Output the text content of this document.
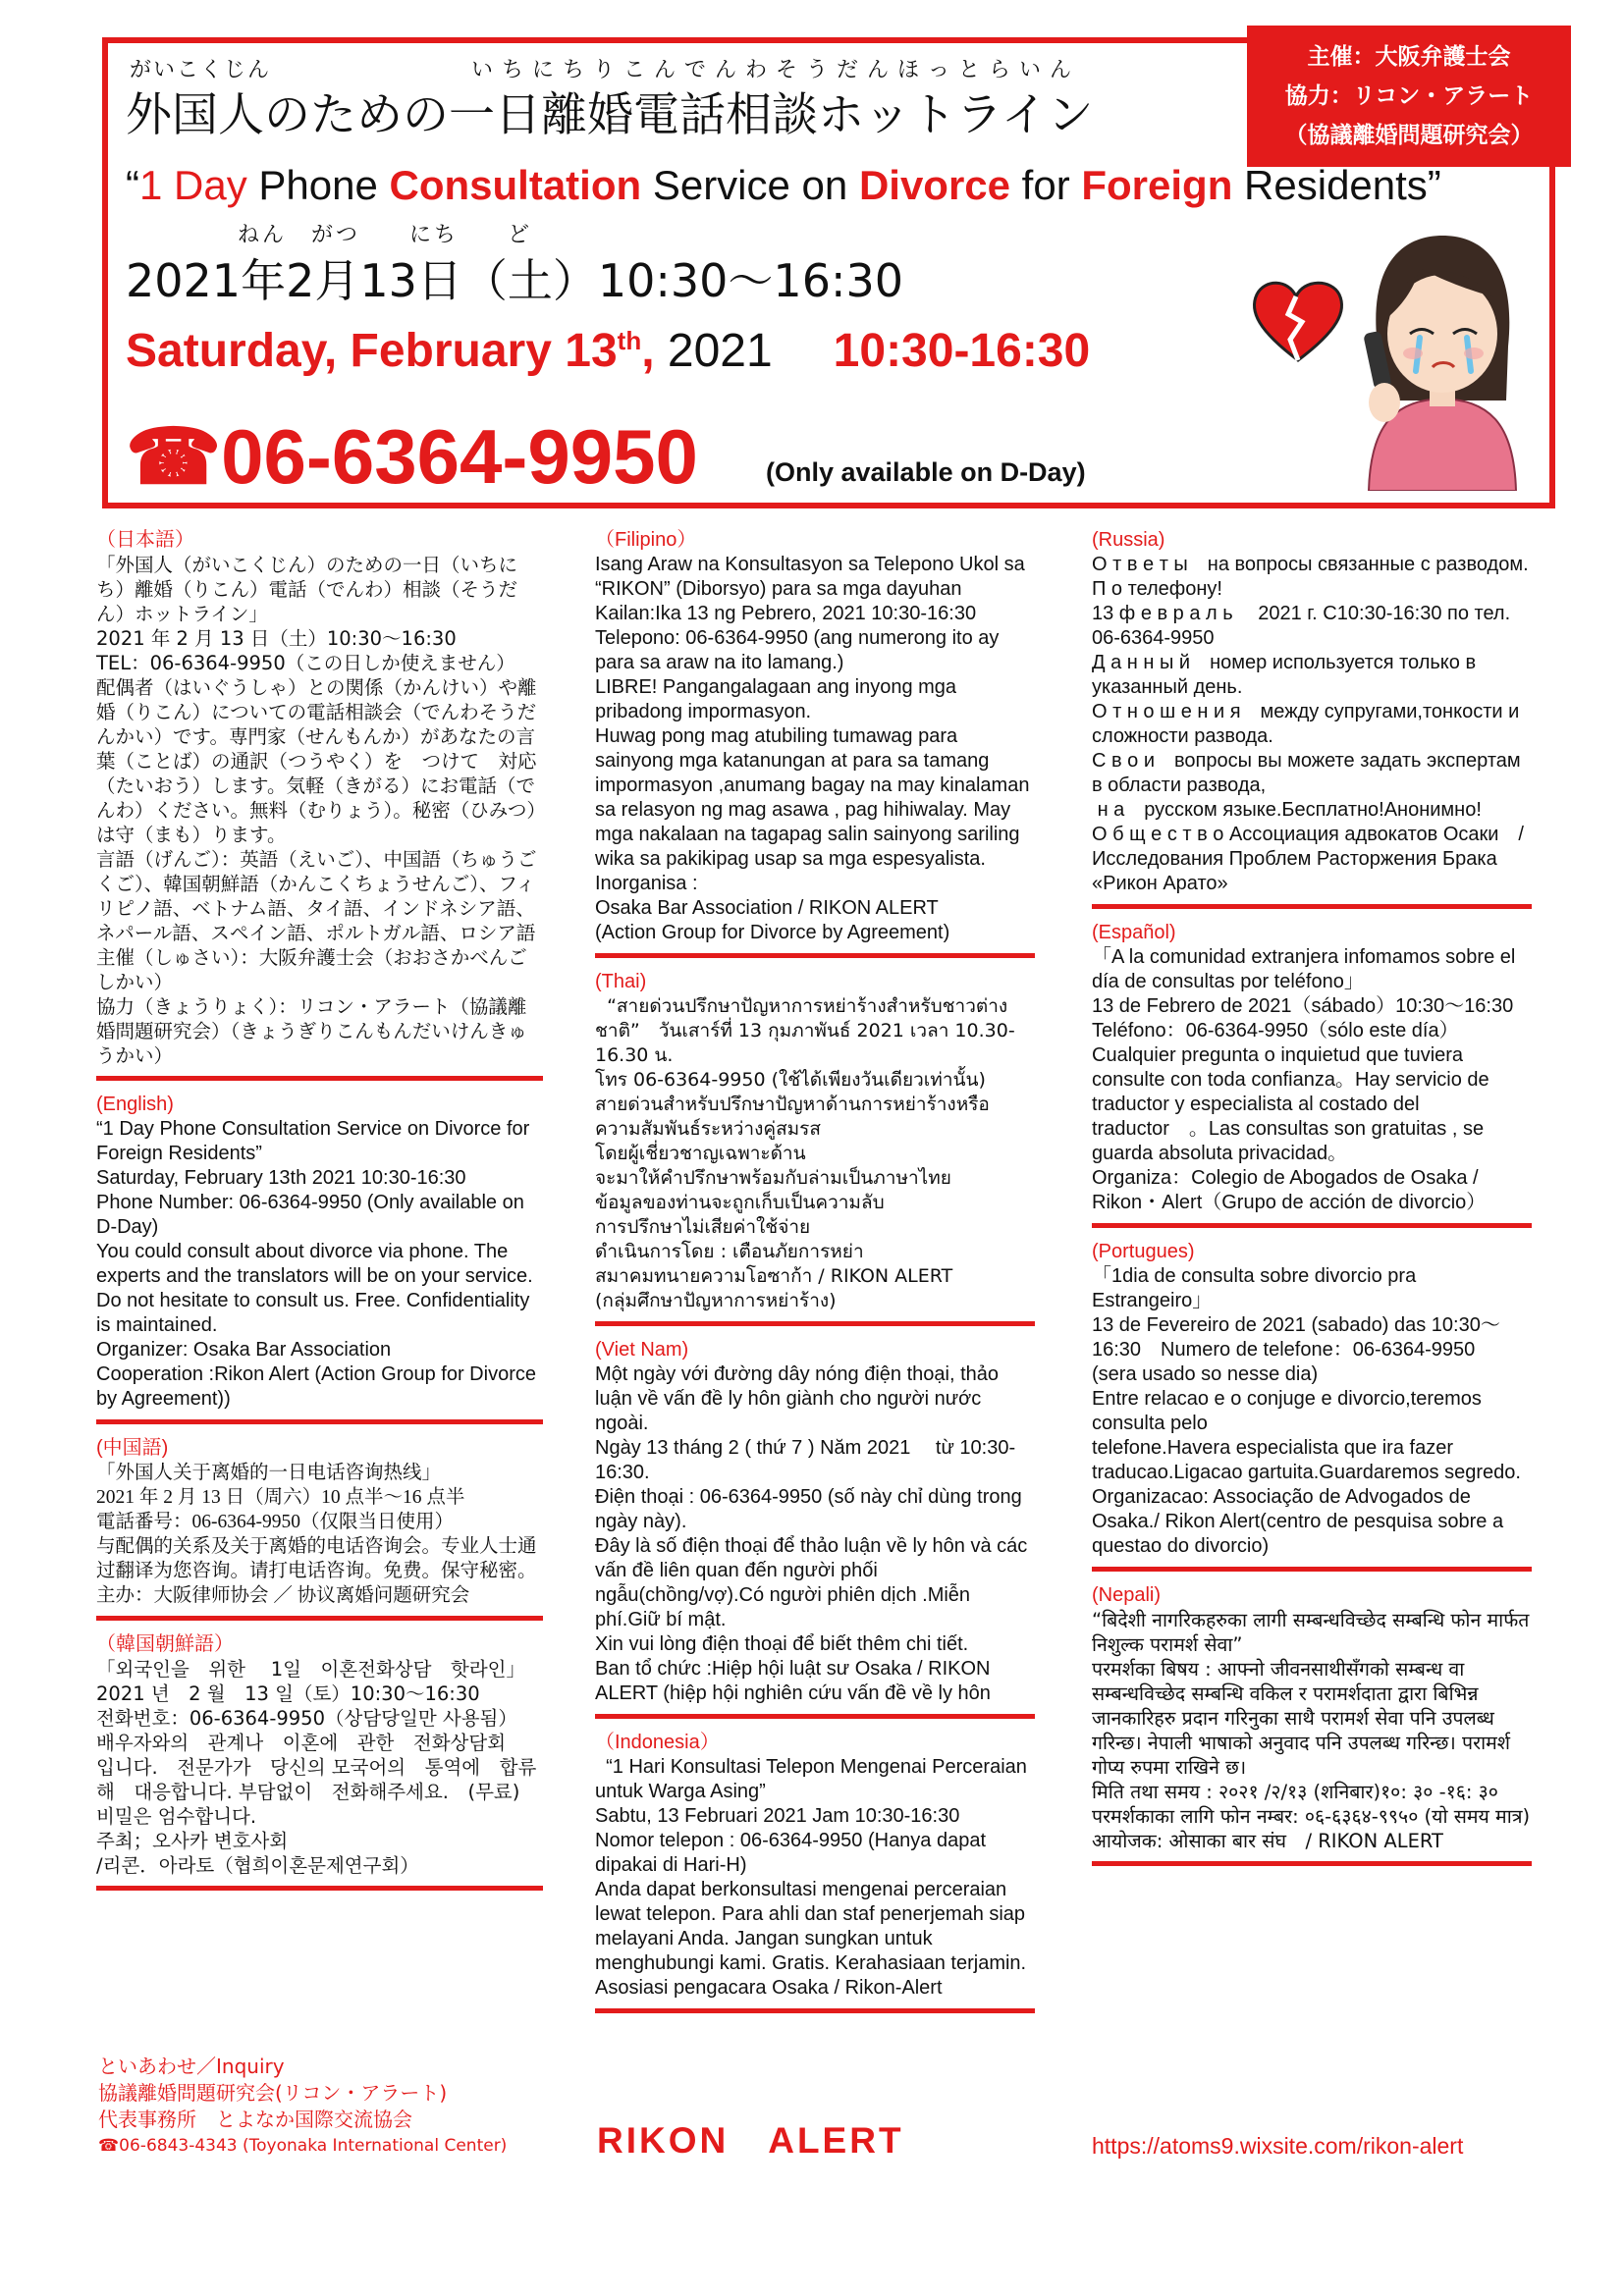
主催：大阪弁護士会
協力：リコン・アラート
（協議離婚問題研究会）
がいこくじん	いちにちりこんでんわそうだんほっとらいん
外国人のための一日離婚電話相談ホットライン
“1 Day Phone Consultation Service on Divorce for Foreign Residents”
ねん　がつ　　にち　　ど
2021年2月13日（土）10:30～16:30
Saturday, February 13th, 2021 10:30-16:30
☎06-6364-9950	(Only available on D-Day)
（日本語）
「外国人（がいこくじん）のための一日（いちにち）離婚（りこん）電話（でんわ）相談（そうだん）ホットライン」
2021 年 2 月 13 日（土）10:30～16:30
TEL：06-6364-9950（この日しか使えません）
配偶者（はいぐうしゃ）との関係（かんけい）や離婚（りこん）についての電話相談会（でんわそうだんかい）です。専門家（せんもんか）があなたの言葉（ことば）の通訳（つうやく）を　つけて　対応（たいおう）します。気軽（きがる）にお電話（でんわ）ください。無料（むりょう）。秘密（ひみつ）は守（まも）ります。
言語（げんご）：英語（えいご）、中国語（ちゅうごくご）、韓国朝鮮語（かんこくちょうせんご）、フィリピノ語、ベトナム語、タイ語、インドネシア語、ネパール語、スペイン語、ポルトガル語、ロシア語
主催（しゅさい）：大阪弁護士会（おおさかべんごしかい）
協力（きょうりょく）：リコン・アラート（協議離婚問題研究会）（きょうぎりこんもんだいけんきゅうかい）
(English)
“1 Day Phone Consultation Service on Divorce for Foreign Residents”
Saturday, February 13th 2021 10:30-16:30
Phone Number: 06-6364-9950 (Only available on D-Day)
You could consult about divorce via phone. The experts and the translators will be on your service. Do not hesitate to consult us. Free. Confidentiality is maintained.
Organizer: Osaka Bar Association
Cooperation :Rikon Alert (Action Group for Divorce by Agreement))
(中国語)
「外国人关于离婚的一日电话咨询热线」
2021 年 2 月 13 日（周六）10 点半～16 点半
電話番号：06-6364-9950（仅限当日使用）
与配偶的关系及关于离婚的电话咨询会。专业人士通过翻译为您咨询。请打电话咨询。免费。保守秘密。
主办：大阪律师协会 ／ 协议离婚问题研究会
（韓国朝鮮語）
「외국인을　위한　 1일　이혼전화상담　핫라인」
2021 년　2 월　13 일（토）10:30～16:30
전화번호：06-6364-9950（상담당일만 사용됨）
배우자와의　관계나　이혼에　관한　전화상담회　입니다.　전문가가　당신의 모국어의　통역에　합류해　대응합니다. 부담없이　전화해주세요.　(무료) 비밀은 엄수합니다.
주최；오사카 변호사회
/리콘．아라토（협희이혼문제연구회）
といあわせ／Inquiry
協議離婚問題研究会(リコン・アラート)
代表事務所　とよなか国際交流協会
☎06-6843-4343 (Toyonaka International Center)
（Filipino）
Isang Araw na Konsultasyon sa Telepono Ukol sa “RIKON” (Diborsyo) para sa mga dayuhan
Kailan:Ika 13 ng Pebrero, 2021 10:30-16:30
Telepono: 06-6364-9950 (ang numerong ito ay para sa araw na ito lamang.)
LIBRE! Pangangalagaan ang inyong mga pribadong impormasyon.
Huwag pong mag atubiling tumawag para sainyong mga katanungan at para sa tamang impormasyon ,anumang bagay na may kinalaman sa relasyon ng mag asawa , pag hihiwalay. May mga nakalaan na tagapag salin sainyong sariling wika sa pakikipag usap sa mga espesyalista.
Inorganisa :
Osaka Bar Association / RIKON ALERT
(Action Group for Divorce by Agreement)
(Thai)
“สายด่วนปรึกษาปัญหาการหย่าร้างสำหรับชาวต่างชาติ”　วันเสาร์ที่ 13 กุมภาพันธ์ 2021 เวลา 10.30-16.30 น.
โทร 06-6364-9950 (ใช้ได้เพียงวันเดียวเท่านั้น)
สายด่วนสำหรับปรึกษาปัญหาด้านการหย่าร้างหรือความสัมพันธ์ระหว่างคู่สมรส
โดยผู้เชี่ยวชาญเฉพาะด้าน
จะมาให้คำปรึกษาพร้อมกับล่ามเป็นภาษาไทย
ข้อมูลของท่านจะถูกเก็บเป็นความลับ
การปรึกษาไม่เสียค่าใช้จ่าย
ดำเนินการโดย : เตือนภัยการหย่า
สมาคมทนายความโอซาก้า / RIKON ALERT
(กลุ่มศึกษาปัญหาการหย่าร้าง)
(Viet Nam)
Một ngày với đường dây nóng điện thoại, thảo luận về vấn đề ly hôn giành cho người nước ngoài.
Ngày 13 tháng 2 ( thứ 7 ) Năm 2021　 từ 10:30-16:30.
Điện thoại : 06-6364-9950 (số này chỉ dùng trong ngày này).
Đây là số điện thoại để thảo luận về ly hôn và các vấn đề liên quan đến người phối ngẫu(chồng/vợ).Có người phiên dịch .Miễn phí.Giữ bí mật.
Xin vui lòng điện thoại để biết thêm chi tiết.
Ban tổ chức :Hiệp hội luật sư Osaka / RIKON ALERT (hiệp hội nghiên cứu vấn đề về ly hôn
（Indonesia）
“1 Hari Konsultasi Telepon Mengenai Perceraian untuk Warga Asing”
Sabtu, 13 Februari 2021 Jam 10:30-16:30
Nomor telepon : 06-6364-9950 (Hanya dapat dipakai di Hari-H)
Anda dapat berkonsultasi mengenai perceraian lewat telepon. Para ahli dan staf penerjemah siap melayani Anda. Jangan sungkan untuk menghubungi kami. Gratis. Kerahasiaan terjamin.
Asosiasi pengacara Osaka / Rikon-Alert
(Russia)
О т в е т ы　на вопросы связанные с разводом.　П о телефону!
13 ф е в р а л ь　 2021 г. С10:30-16:30 по тел. 06-6364-9950
Д а н н ы й　номер используется только в указанный день.
О т н о ш е н и я　между супругами,тонкости и сложности развода.
С в о и　вопросы вы можете задать экспертам в области развода,
н а　русском языке.Бесплатно!Анонимно!
О б щ е с т в о Ассоциация адвокатов Осаки　/ Исследования Проблем Расторжения Брака «Рикон Арато»
(Español)
「A la comunidad extranjera infomamos sobre el día de consultas por teléfono」
13 de Febrero de 2021（sábado）10:30～16:30
Teléfono：06-6364-9950（sólo este día）
Cualquier pregunta o inquietud que tuviera consulte con toda confianza。Hay servicio de traductor y especialista al costado del traductor　。Las consultas son gratuitas , se guarda absoluta privacidad。
Organiza：Colegio de Abogados de Osaka / Rikon・Alert（Grupo de acción de divorcio）
(Portugues)
「1dia de consulta sobre divorcio pra Estrangeiro」
13 de Fevereiro de 2021 (sabado) das 10:30～16:30　Numero de telefone：06-6364-9950　(sera usado so nesse dia)
Entre relacao e o conjuge e divorcio,teremos consulta pelo
telefone.Havera especialista que ira fazer traducao.Ligacao gartuita.Guardaremos segredo.
Organizacao: Associação de Advogados de Osaka./ Rikon Alert(centro de pesquisa sobre a questao do divorcio)
(Nepali)
“बिदेशी नागरिकहरुका लागी सम्बन्धविच्छेद सम्बन्धि फोन मार्फत निशुल्क परामर्श सेवा”
परमर्शका बिषय : आफ्नो जीवनसाथीसँगको सम्बन्ध वा सम्बन्धविच्छेद सम्बन्धि वकिल र परामर्शदाता द्वारा बिभिन्न जानकारिहरु प्रदान गरिनुका साथै परामर्श सेवा पनि उपलब्ध गरिन्छ। नेपाली भाषाको अनुवाद पनि उपलब्ध गरिन्छ। परामर्श गोप्य रुपमा राखिने छ।
मिति तथा समय : २०२१ /२/१३ (शनिबार)१०: ३० -१६: ३०
परमर्शकाका लागि फोन नम्बर: ०६-६३६४-९९५० (यो समय मात्र)
आयोजक: ओसाका बार संघ　/ RIKON ALERT
RIKON　ALERT	https://atoms9.wixsite.com/rikon-alert
